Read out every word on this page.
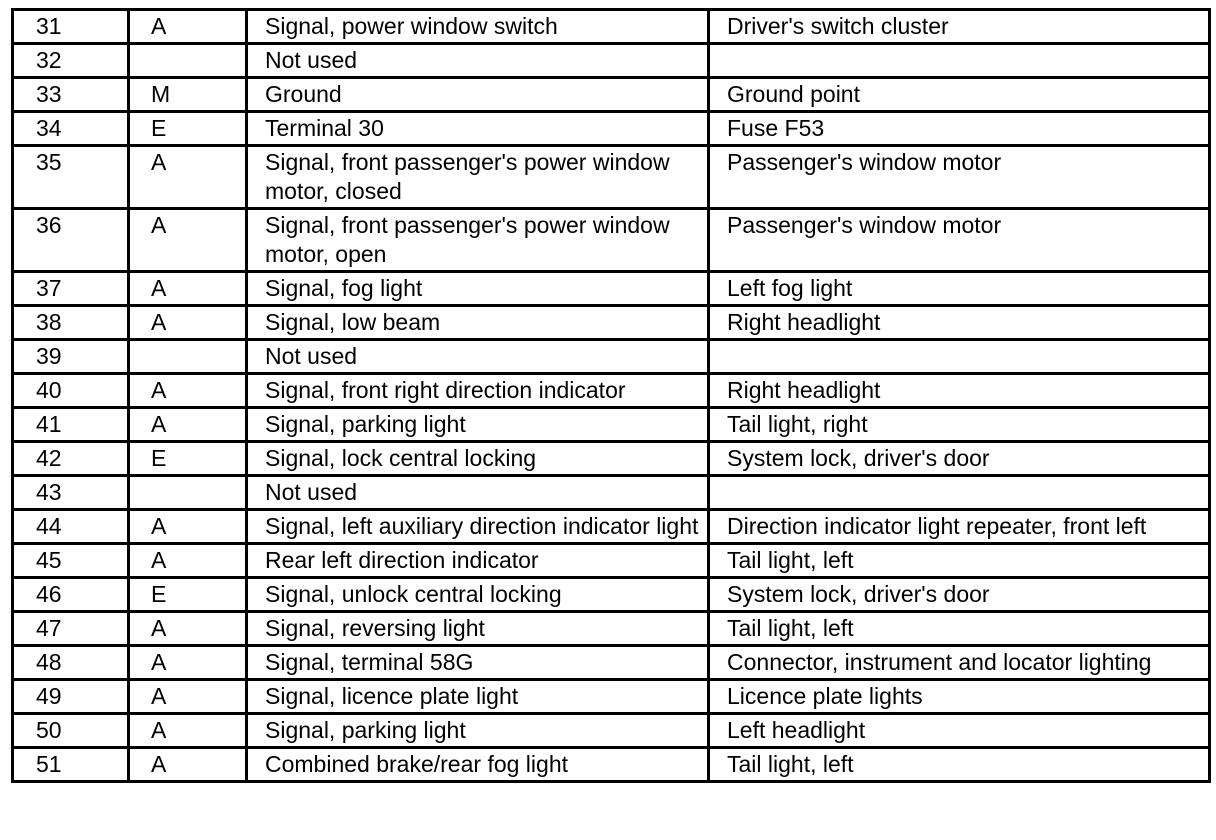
31	A	Signal, power window switch	Driver's switch cluster
32		Not used	
33	M	Ground	Ground point
34	E	Terminal 30	Fuse F53
35	A	Signal, front passenger's power window motor, closed	Passenger's window motor
36	A	Signal, front passenger's power window motor, open	Passenger's window motor
37	A	Signal, fog light	Left fog light
38	A	Signal, low beam	Right headlight
39		Not used	
40	A	Signal, front right direction indicator	Right headlight
41	A	Signal, parking light	Tail light, right
42	E	Signal, lock central locking	System lock, driver's door
43		Not used	
44	A	Signal, left auxiliary direction indicator light	Direction indicator light repeater, front left
45	A	Rear left direction indicator	Tail light, left
46	E	Signal, unlock central locking	System lock, driver's door
47	A	Signal, reversing light	Tail light, left
48	A	Signal, terminal 58G	Connector, instrument and locator lighting
49	A	Signal, licence plate light	Licence plate lights
50	A	Signal, parking light	Left headlight
51	A	Combined brake/rear fog light	Tail light, left
